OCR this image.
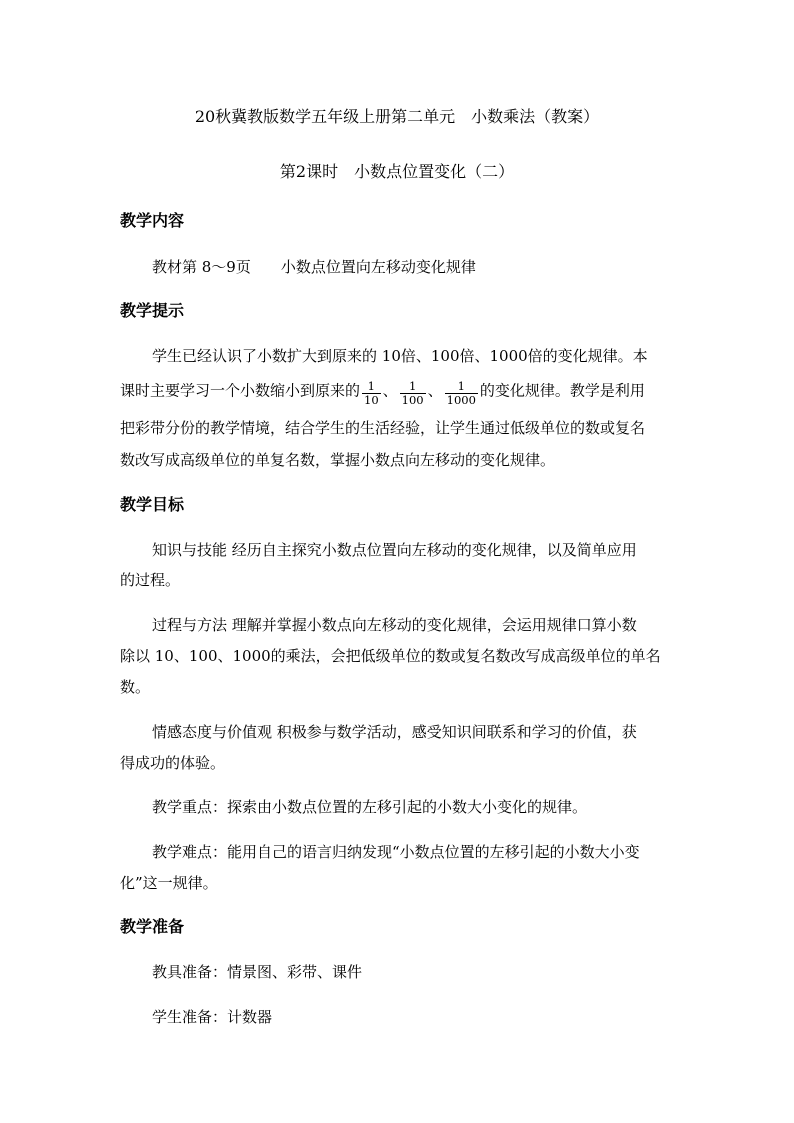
20秋冀教版数学五年级上册第二单元　小数乘法（教案）
第2课时　小数点位置变化（二）
教学内容
教材第 8～9页　　小数点位置向左移动变化规律
教学提示
学生已经认识了小数扩大到原来的 10倍、100倍、1000倍的变化规律。本
课时主要学习一个小数缩小到原来的 $\frac{1}{10}$ 、 $\frac{1}{100}$ 、 $\frac{1}{1000}$ 的变化规律。教学是利用
把彩带分份的教学情境，结合学生的生活经验，让学生通过低级单位的数或复名
数改写成高级单位的单复名数，掌握小数点向左移动的变化规律。
教学目标
知识与技能 经历自主探究小数点位置向左移动的变化规律，以及简单应用
的过程。
过程与方法 理解并掌握小数点向左移动的变化规律，会运用规律口算小数
除以 10、100、1000的乘法，会把低级单位的数或复名数改写成高级单位的单名
数。
情感态度与价值观 积极参与数学活动，感受知识间联系和学习的价值，获
得成功的体验。
教学重点：探索由小数点位置的左移引起的小数大小变化的规律。
教学难点：能用自己的语言归纳发现“小数点位置的左移引起的小数大小变
化”这一规律。
教学准备
教具准备：情景图、彩带、课件
学生准备：计数器
